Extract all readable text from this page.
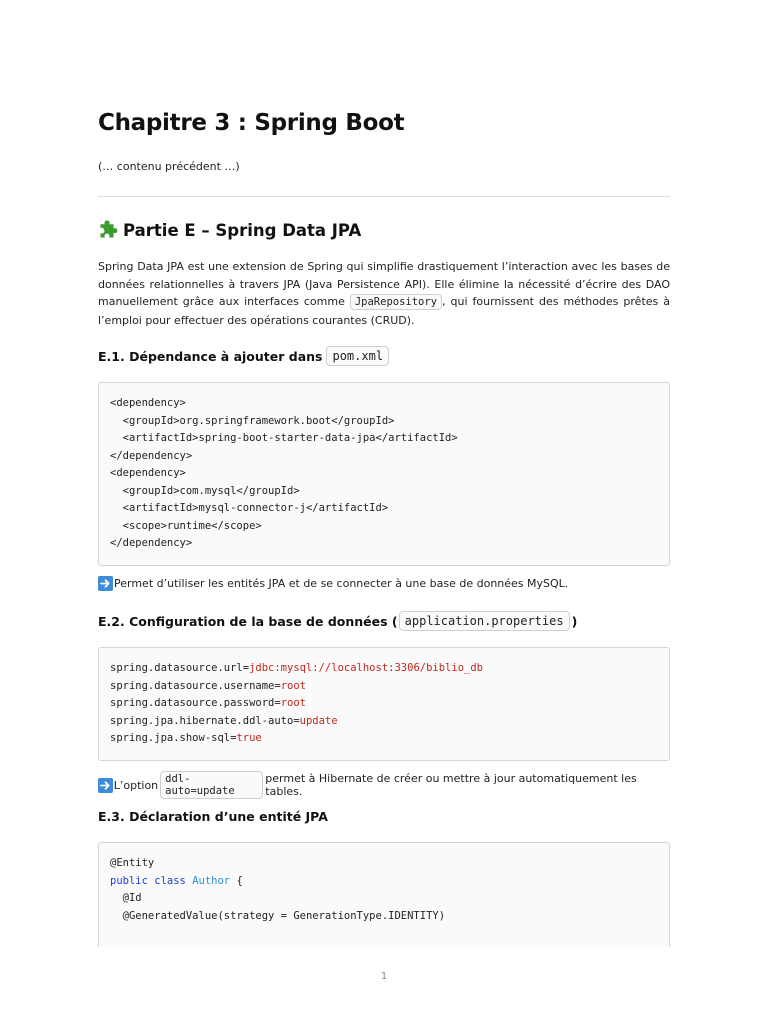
Chapitre 3 : Spring Boot
(… contenu précédent …)
Partie E – Spring Data JPA

Spring Data JPA est une extension de Spring qui simplifie drastiquement l’interaction avec les bases de données relationnelles à travers JPA (Java Persistence API). Elle élimine la nécessité d’écrire des DAO manuellement grâce aux interfaces comme JpaRepository , qui fournissent des méthodes prêtes à l’emploi pour effectuer des opérations courantes (CRUD).

E.1. Dépendance à ajouter dans pom.xml
<dependency>
<groupId>org.springframework.boot</groupId>
<artifactId>spring-boot-starter-data-jpa</artifactId>
</dependency>
<dependency>
<groupId>com.mysql</groupId>
<artifactId>mysql-connector-j</artifactId>
<scope>runtime</scope>
</dependency>
Permet d’utiliser les entités JPA et de se connecter à une base de données MySQL.
E.2. Configuration de la base de données ( application.properties )
spring.datasource.url=jdbc:mysql://localhost:3306/biblio_db
spring.datasource.username=root
spring.datasource.password=root
spring.jpa.hibernate.ddl-auto=update
spring.jpa.show-sql=true
L’option ddl-auto=update
permet à Hibernate de créer ou mettre à jour automatiquement les tables.
E.3. Déclaration d’une entité JPA
@Entity
public class Author {
@Id
@GeneratedValue(strategy = GenerationType.IDENTITY)
1
